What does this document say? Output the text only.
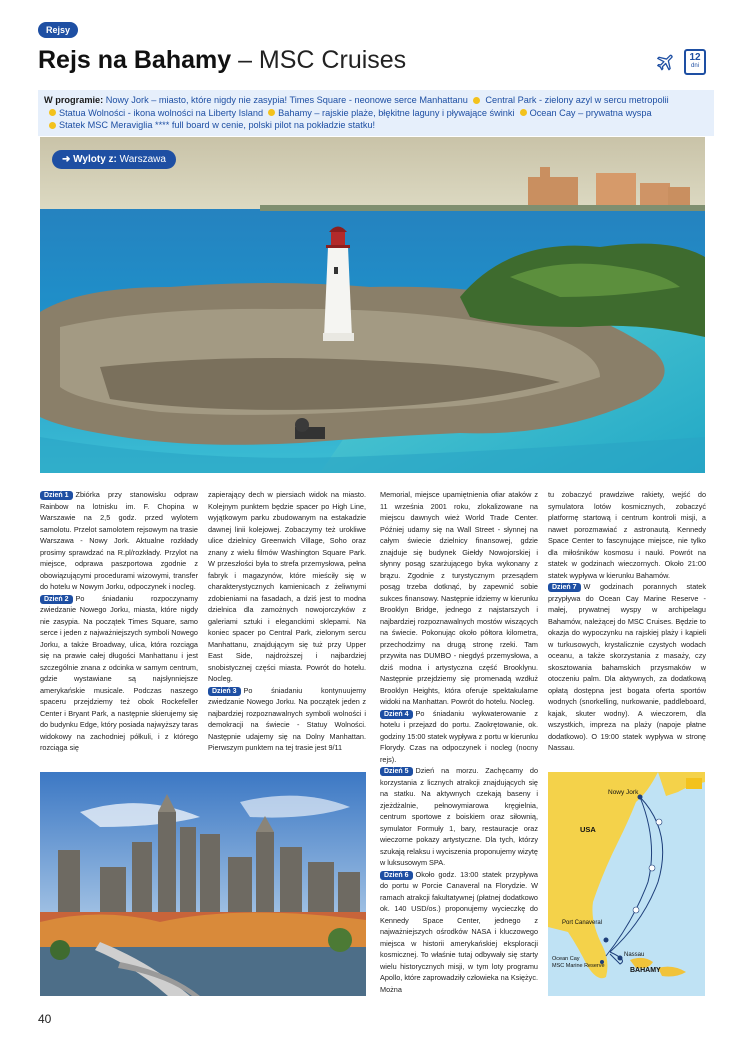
Rejsy
Rejs na Bahamy – MSC Cruises	12
dni
W programie: Nowy Jork – miasto, które nigdy nie zasypia! Times Square - neonowe serce Manhattanu Central Park - zielony azyl w sercu metropolii
Statua Wolności - ikona wolności na Liberty Island Bahamy – rajskie plaże, błękitne laguny i pływające świnki Ocean Cay – prywatna wyspa
Statek MSC Meraviglia **** full board w cenie, polski pilot na pokładzie statku!
➜ Wyloty z: Warszawa
Dzień 1 Zbiórka przy stanowisku odpraw Rainbow na lotnisku im. F. Chopina w Warszawie na 2,5 godz. przed wylotem samolotu. Przelot samolotem rejsowym na trasie Warszawa - Nowy Jork. Aktualne rozkłady prosimy sprawdzać na R.pl/rozkłady. Przylot na miejsce, odprawa paszportowa zgodnie z obowiązującymi procedurami wizowymi, transfer do hotelu w Nowym Jorku, odpoczynek i nocleg.
Dzień 2 Po śniadaniu rozpoczynamy zwiedzanie Nowego Jorku, miasta, które nigdy nie zasypia. Na początek Times Square, samo serce i jeden z najważniejszych symboli Nowego Jorku, a także Broadway, ulica, która rozciąga się na prawie całej długości Manhattanu i jest szczególnie znana z odcinka w samym centrum, gdzie wystawiane są najsłynniejsze amerykańskie musicale. Podczas naszego spaceru przejdziemy też obok Rockefeller Center i Bryant Park, a następnie skierujemy się do budynku Edge, który posiada najwyższy taras widokowy na zachodniej półkuli, i z którego rozciąga się
zapierający dech w piersiach widok na miasto. Kolejnym punktem będzie spacer po High Line, wyjątkowym parku zbudowanym na estakadzie dawnej linii kolejowej. Zobaczymy też urokliwe ulice dzielnicy Greenwich Village, Soho oraz znany z wielu filmów Washington Square Park. W przeszłości była to strefa przemysłowa, pełna fabryk i magazynów, które mieściły się w charakterystycznych kamienicach z żeliwnymi zdobieniami na fasadach, a dziś jest to modna dzielnica dla zamożnych nowojorczyków z galeriami sztuki i eleganckimi sklepami. Na koniec spacer po Central Park, zielonym sercu Manhattanu, znajdującym się tuż przy Upper East Side, najdroższej i najbardziej snobistycznej części miasta. Powrót do hotelu. Nocleg.
Dzień 3 Po śniadaniu kontynuujemy zwiedzanie Nowego Jorku. Na początek jeden z najbardziej rozpoznawalnych symboli wolności i demokracji na świecie - Statuy Wolności. Następnie udajemy się na Dolny Manhattan. Pierwszym punktem na tej trasie jest 9/11
Memorial, miejsce upamiętnienia ofiar ataków z 11 września 2001 roku, zlokalizowane na miejscu dawnych wież World Trade Center. Później udamy się na Wall Street - słynnej na całym świecie dzielnicy finansowej, gdzie znajduje się budynek Giełdy Nowojorskiej i słynny posąg szarżującego byka wykonany z brązu. Zgodnie z turystycznym przesądem posąg trzeba dotknąć, by zapewnić sobie sukces finansowy. Następnie idziemy w kierunku Brooklyn Bridge, jednego z najstarszych i najbardziej rozpoznawalnych mostów wiszących na świecie. Pokonując około półtora kilometra, przechodzimy na drugą stronę rzeki. Tam przywita nas DUMBO - niegdyś przemysłowa, a dziś modna i artystyczna część Brooklynu. Następnie przejdziemy się promenadą wzdłuż Brooklyn Heights, która oferuje spektakularne widoki na Manhattan. Powrót do hotelu. Nocleg.
Dzień 4 Po śniadaniu wykwaterowanie z hotelu i przejazd do portu. Zaokrętowanie, ok. godziny 15:00 statek wypływa z portu w kierunku Florydy. Czas na odpoczynek i nocleg (nocny rejs).
Dzień 5 Dzień na morzu. Zachęcamy do korzystania z licznych atrakcji znajdujących się na statku. Na aktywnych czekają baseny i zjeżdżalnie, pełnowymiarowa kręgielnia, centrum sportowe z boiskiem oraz siłownią, symulator Formuły 1, bary, restauracje oraz wieczorne pokazy artystyczne. Dla tych, którzy szukają relaksu i wyciszenia proponujemy wizytę w luksusowym SPA.
Dzień 6 Około godz. 13:00 statek przypływa do portu w Porcie Canaveral na Florydzie. W ramach atrakcji fakultatywnej (płatnej dodatkowo ok. 140 USD/os.) proponujemy wycieczkę do Kennedy Space Center, jednego z najważniejszych ośrodków NASA i kluczowego miejsca w historii amerykańskiej eksploracji kosmicznej. To właśnie tutaj odbywały się starty wielu historycznych misji, w tym loty programu Apollo, które zaprowadziły człowieka na Księżyc. Można
tu zobaczyć prawdziwe rakiety, wejść do symulatora lotów kosmicznych, zobaczyć platformę startową i centrum kontroli misji, a nawet porozmawiać z astronautą. Kennedy Space Center to fascynujące miejsce, nie tylko dla miłośników kosmosu i nauki. Powrót na statek w godzinach wieczornych. Około 21:00 statek wypływa w kierunku Bahamów.
Dzień 7 W godzinach porannych statek przypływa do Ocean Cay Marine Reserve - małej, prywatnej wyspy w archipelagu Bahamów, należącej do MSC Cruises. Będzie to okazja do wypoczynku na rajskiej plaży i kąpieli w turkusowych, krystalicznie czystych wodach oceanu, a także skorzystania z masaży, czy skosztowania bahamskich przysmaków w otoczeniu palm. Dla aktywnych, za dodatkową opłatą dostępna jest bogata oferta sportów wodnych (snorkelling, nurkowanie, paddleboard, kajak, skuter wodny). A wieczorem, dla wszystkich, impreza na plaży (napoje płatne dodatkowo). O 19:00 statek wypływa w stronę Nassau.
Nowy Jork
USA
Port Canaveral
Nassau
Ocean Cay
MSC Marine Reserve
BAHAMY
40
